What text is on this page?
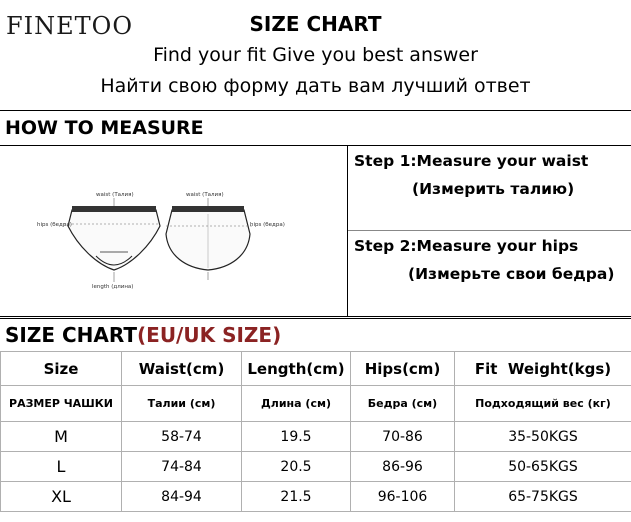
FINETOO	SIZE CHART
Find your fit Give you best answer
Найти свою форму дать вам лучший ответ
HOW TO MEASURE
waist (Талия)
hips (бедра)
length (длина)
waist (Талия)
hips (бедра)
Step 1:Measure your waist
(Измерить талию)
Step 2:Measure your hips
(Измерьте свои бедра)
SIZE CHART(EU/UK SIZE)
Size	Waist(cm)	Length(cm)	Hips(cm)	Fit  Weight(kgs)
РАЗМЕР ЧАШКИ	Талии (см)	Длина (см)	Бедра (см)	Подходящий вес (кг)
M	58-74	19.5	70-86	35-50KGS
L	74-84	20.5	86-96	50-65KGS
XL	84-94	21.5	96-106	65-75KGS
